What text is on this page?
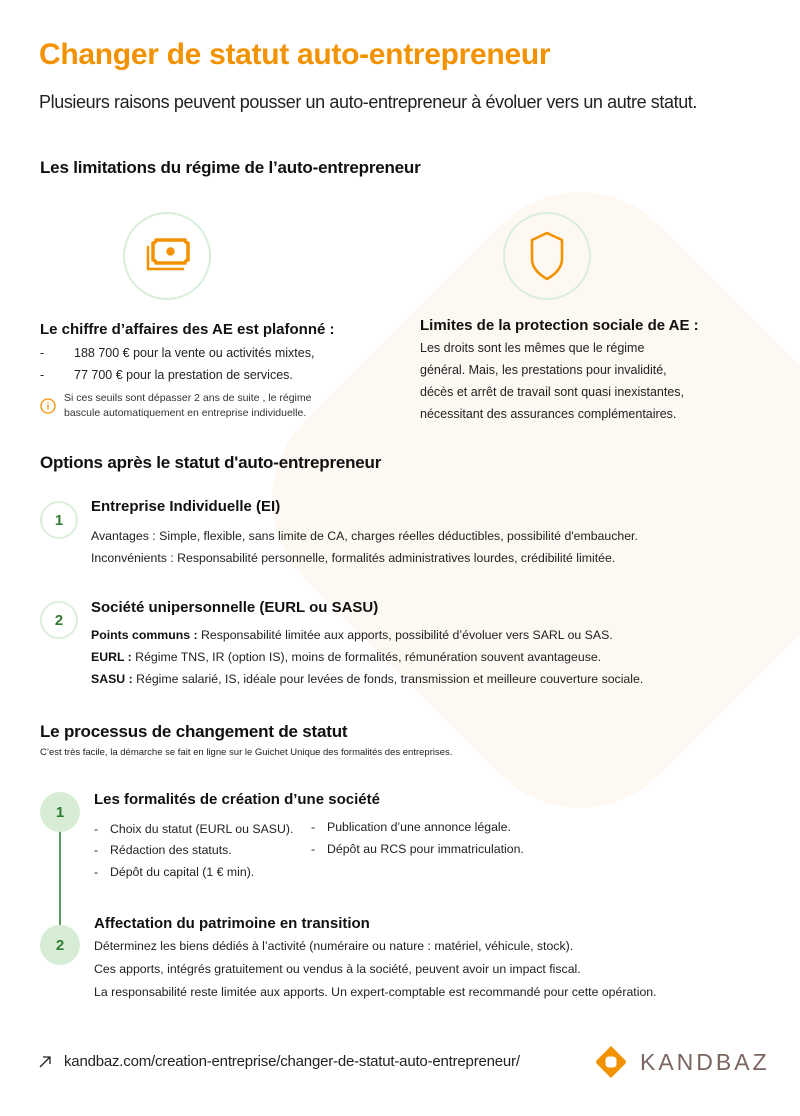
Changer de statut auto-entrepreneur

Plusieurs raisons peuvent pousser un auto-entrepreneur à évoluer vers un autre statut.

Les limitations du régime de l’auto-entrepreneur
Le chiffre d’affaires des AE est plafonné :
- 188 700 € pour la vente ou activités mixtes,
- 77 700 € pour la prestation de services.
Si ces seuils sont dépasser 2 ans de suite , le régime
bascule automatiquement en entreprise individuelle.
Limites de la protection sociale de AE :
Les droits sont les mêmes que le régime
général. Mais, les prestations pour invalidité,
décès et arrêt de travail sont quasi inexistantes,
nécessitant des assurances complémentaires.
Options après le statut d'auto-entrepreneur
1
Entreprise Individuelle (EI)
Avantages : Simple, flexible, sans limite de CA, charges réelles déductibles, possibilité d'embaucher.
Inconvénients : Responsabilité personnelle, formalités administratives lourdes, crédibilité limitée.
2
Société unipersonnelle (EURL ou SASU)
Points communs : Responsabilité limitée aux apports, possibilité d’évoluer vers SARL ou SAS.
EURL : Régime TNS, IR (option IS), moins de formalités, rémunération souvent avantageuse.
SASU : Régime salarié, IS, idéale pour levées de fonds, transmission et meilleure couverture sociale.
Le processus de changement de statut

C’est très facile, la démarche se fait en ligne sur le Guichet Unique des formalités des entreprises.

1
2
Les formalités de création d’une société
- Choix du statut (EURL ou SASU).
- Rédaction des statuts.
- Dépôt du capital (1 € min).
- Publication d’une annonce légale.
- Dépôt au RCS pour immatriculation.
Affectation du patrimoine en transition
Déterminez les biens dédiés à l’activité (numéraire ou nature : matériel, véhicule, stock).
Ces apports, intégrés gratuitement ou vendus à la société, peuvent avoir un impact fiscal.
La responsabilité reste limitée aux apports. Un expert-comptable est recommandé pour cette opération.
kandbaz.com/creation-entreprise/changer-de-statut-auto-entrepreneur/	KANDBAZ
